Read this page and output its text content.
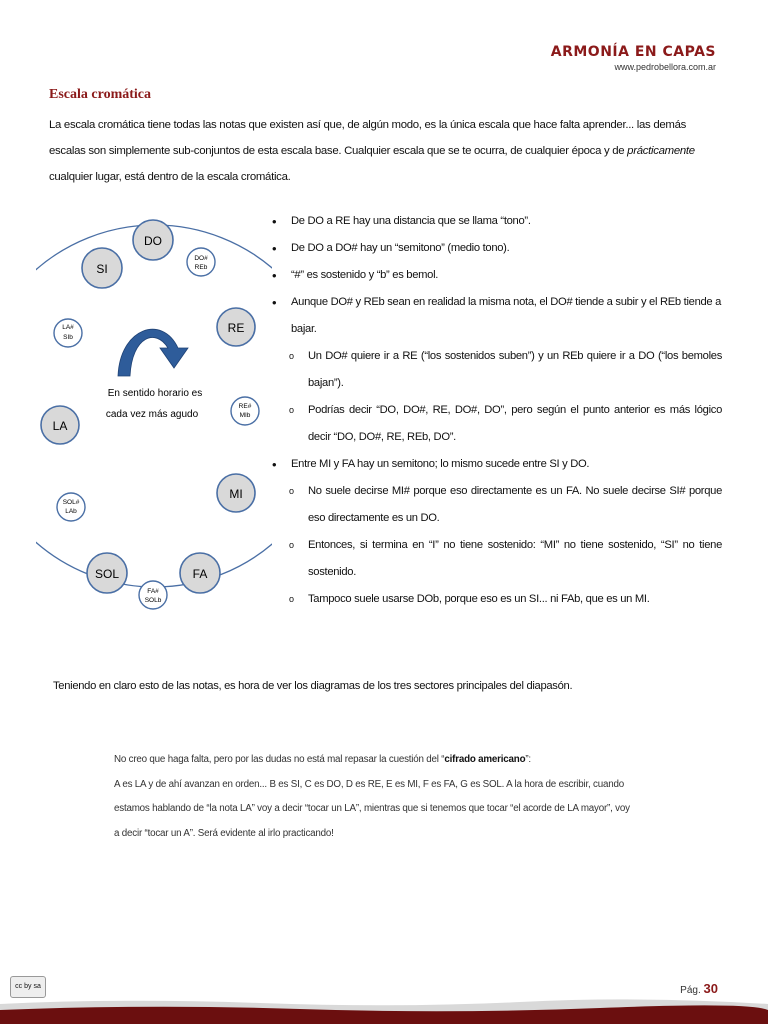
ARMONÍA EN CAPAS
www.pedrobellora.com.ar
Escala cromática
La escala cromática tiene todas las notas que existen así que, de algún modo, es la única escala que hace falta aprender... las demás escalas son simplemente sub-conjuntos de esta escala base. Cualquier escala que se te ocurra, de cualquier época y de prácticamente cualquier lugar, está dentro de la escala cromática.
DO
RE
MI
FA
SOL
LA
SI
DO#
REb
RE#
MIb
FA#
SOLb
SOL#
LAb
LA#
SIb
En sentido horario es
cada vez más agudo
• De DO a RE hay una distancia que se llama “tono”.
• De DO a DO# hay un “semitono” (medio tono).
• “#” es sostenido y “b” es bemol.
• Aunque DO# y REb sean en realidad la misma nota, el DO# tiende a subir y el REb tiende a bajar.
o Un DO# quiere ir a RE (“los sostenidos suben”) y un REb quiere ir a DO (“los bemoles bajan”).
o Podrías decir “DO, DO#, RE, DO#, DO”, pero según el punto anterior es más lógico decir “DO, DO#, RE, REb, DO”.
• Entre MI y FA hay un semitono; lo mismo sucede entre SI y DO.
o No suele decirse MI# porque eso directamente es un FA. No suele decirse SI# porque eso directamente es un DO.
o Entonces, si termina en “I” no tiene sostenido: “MI” no tiene sostenido, “SI” no tiene sostenido.
o Tampoco suele usarse DOb, porque eso es un SI... ni FAb, que es un MI.
Teniendo en claro esto de las notas, es hora de ver los diagramas de los tres sectores principales del diapasón.
No creo que haga falta, pero por las dudas no está mal repasar la cuestión del “cifrado americano”:
A es LA y de ahí avanzan en orden... B es SI, C es DO, D es RE, E es MI, F es FA, G es SOL. A la hora de escribir, cuando estamos hablando de “la nota LA” voy a decir “tocar un LA”, mientras que si tenemos que tocar “el acorde de LA mayor”, voy a decir “tocar un A”. Será evidente al irlo practicando!
cc by sa	Pág. 30
